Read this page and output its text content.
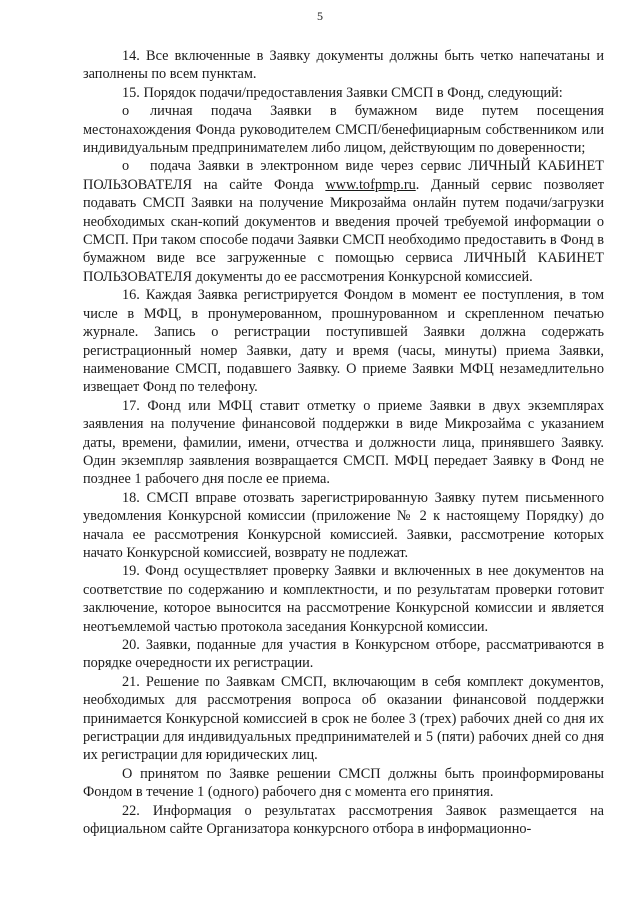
5

14. Все включенные в Заявку документы должны быть четко напечатаны и заполнены по всем пунктам.

15. Порядок подачи/предоставления Заявки СМСП в Фонд, следующий:

o личная подача Заявки в бумажном виде путем посещения местонахождения Фонда руководителем СМСП/бенефициарным собственником или индивидуальным предпринимателем либо лицом, действующим по доверенности;

o подача Заявки в электронном виде через сервис ЛИЧНЫЙ КАБИНЕТ ПОЛЬЗОВАТЕЛЯ на сайте Фонда www.tofpmp.ru. Данный сервис позволяет подавать СМСП Заявки на получение Микрозайма онлайн путем подачи/загрузки необходимых скан-копий документов и введения прочей требуемой информации о СМСП. При таком способе подачи Заявки СМСП необходимо предоставить в Фонд в бумажном виде все загруженные с помощью сервиса ЛИЧНЫЙ КАБИНЕТ ПОЛЬЗОВАТЕЛЯ документы до ее рассмотрения Конкурсной комиссией.

16. Каждая Заявка регистрируется Фондом в момент ее поступления, в том числе в МФЦ, в пронумерованном, прошнурованном и скрепленном печатью журнале. Запись о регистрации поступившей Заявки должна содержать регистрационный номер Заявки, дату и время (часы, минуты) приема Заявки, наименование СМСП, подавшего Заявку. О приеме Заявки МФЦ незамедлительно извещает Фонд по телефону.

17. Фонд или МФЦ ставит отметку о приеме Заявки в двух экземплярах заявления на получение финансовой поддержки в виде Микрозайма с указанием даты, времени, фамилии, имени, отчества и должности лица, принявшего Заявку. Один экземпляр заявления возвращается СМСП. МФЦ передает Заявку в Фонд не позднее 1 рабочего дня после ее приема.

18. СМСП вправе отозвать зарегистрированную Заявку путем письменного уведомления Конкурсной комиссии (приложение № 2 к настоящему Порядку) до начала ее рассмотрения Конкурсной комиссией. Заявки, рассмотрение которых начато Конкурсной комиссией, возврату не подлежат.

19. Фонд осуществляет проверку Заявки и включенных в нее документов на соответствие по содержанию и комплектности, и по результатам проверки готовит заключение, которое выносится на рассмотрение Конкурсной комиссии и является неотъемлемой частью протокола заседания Конкурсной комиссии.

20. Заявки, поданные для участия в Конкурсном отборе, рассматриваются в порядке очередности их регистрации.

21. Решение по Заявкам СМСП, включающим в себя комплект документов, необходимых для рассмотрения вопроса об оказании финансовой поддержки принимается Конкурсной комиссией в срок не более 3 (трех) рабочих дней со дня их регистрации для индивидуальных предпринимателей и 5 (пяти) рабочих дней со дня их регистрации для юридических лиц.

О принятом по Заявке решении СМСП должны быть проинформированы Фондом в течение 1 (одного) рабочего дня с момента его принятия.

22. Информация о результатах рассмотрения Заявок размещается на официальном сайте Организатора конкурсного отбора в информационно-
